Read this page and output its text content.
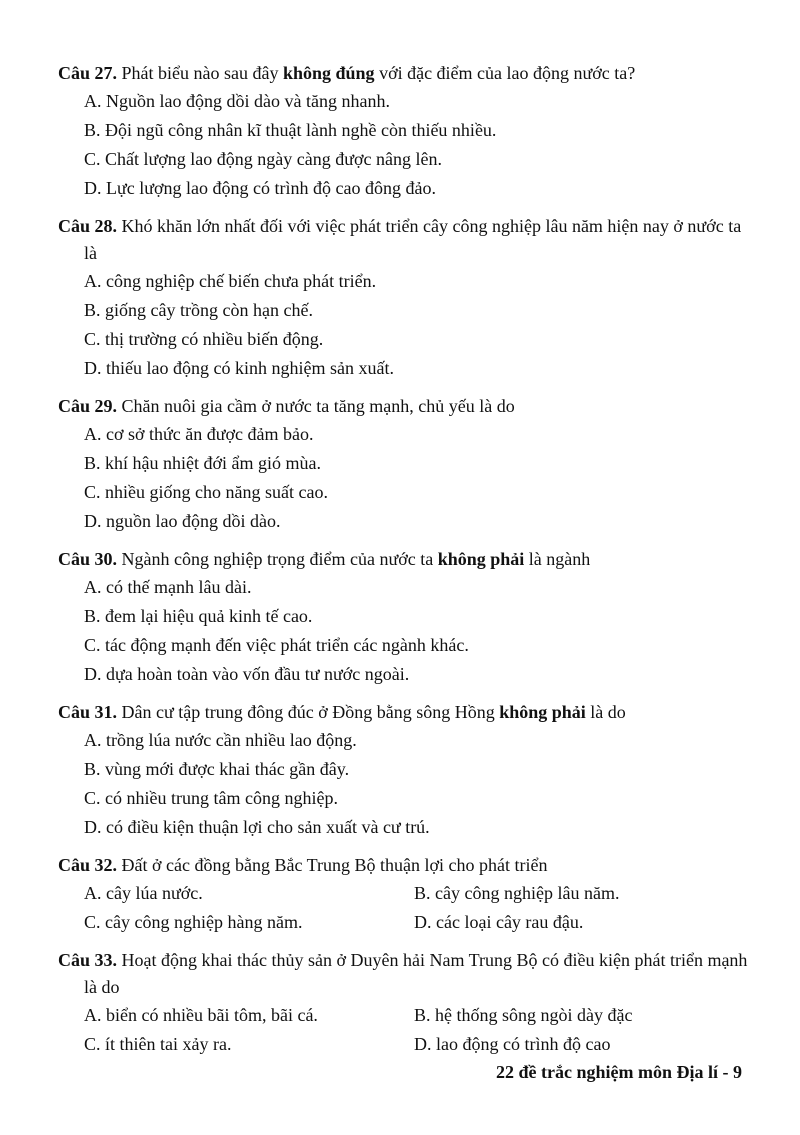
Câu 27. Phát biểu nào sau đây không đúng với đặc điểm của lao động nước ta?
A. Nguồn lao động dồi dào và tăng nhanh.
B. Đội ngũ công nhân kĩ thuật lành nghề còn thiếu nhiều.
C. Chất lượng lao động ngày càng được nâng lên.
D. Lực lượng lao động có trình độ cao đông đảo.
Câu 28. Khó khăn lớn nhất đối với việc phát triển cây công nghiệp lâu năm hiện nay ở nước ta là
A. công nghiệp chế biến chưa phát triển.
B. giống cây trồng còn hạn chế.
C. thị trường có nhiều biến động.
D. thiếu lao động có kinh nghiệm sản xuất.
Câu 29. Chăn nuôi gia cầm ở nước ta tăng mạnh, chủ yếu là do
A. cơ sở thức ăn được đảm bảo.
B. khí hậu nhiệt đới ẩm gió mùa.
C. nhiều giống cho năng suất cao.
D. nguồn lao động dồi dào.
Câu 30. Ngành công nghiệp trọng điểm của nước ta không phải là ngành
A. có thế mạnh lâu dài.
B. đem lại hiệu quả kinh tế cao.
C. tác động mạnh đến việc phát triển các ngành khác.
D. dựa hoàn toàn vào vốn đầu tư nước ngoài.
Câu 31. Dân cư tập trung đông đúc ở Đồng bằng sông Hồng không phải là do
A. trồng lúa nước cần nhiều lao động.
B. vùng mới được khai thác gần đây.
C. có nhiều trung tâm công nghiệp.
D. có điều kiện thuận lợi cho sản xuất và cư trú.
Câu 32. Đất ở các đồng bằng Bắc Trung Bộ thuận lợi cho phát triển
A. cây lúa nước.	B. cây công nghiệp lâu năm.
C. cây công nghiệp hàng năm.	D. các loại cây rau đậu.
Câu 33. Hoạt động khai thác thủy sản ở Duyên hải Nam Trung Bộ có điều kiện phát triển mạnh là do
A. biển có nhiều bãi tôm, bãi cá.	B. hệ thống sông ngòi dày đặc
C. ít thiên tai xảy ra.	D. lao động có trình độ cao
22 đề trắc nghiệm môn Địa lí - 9
